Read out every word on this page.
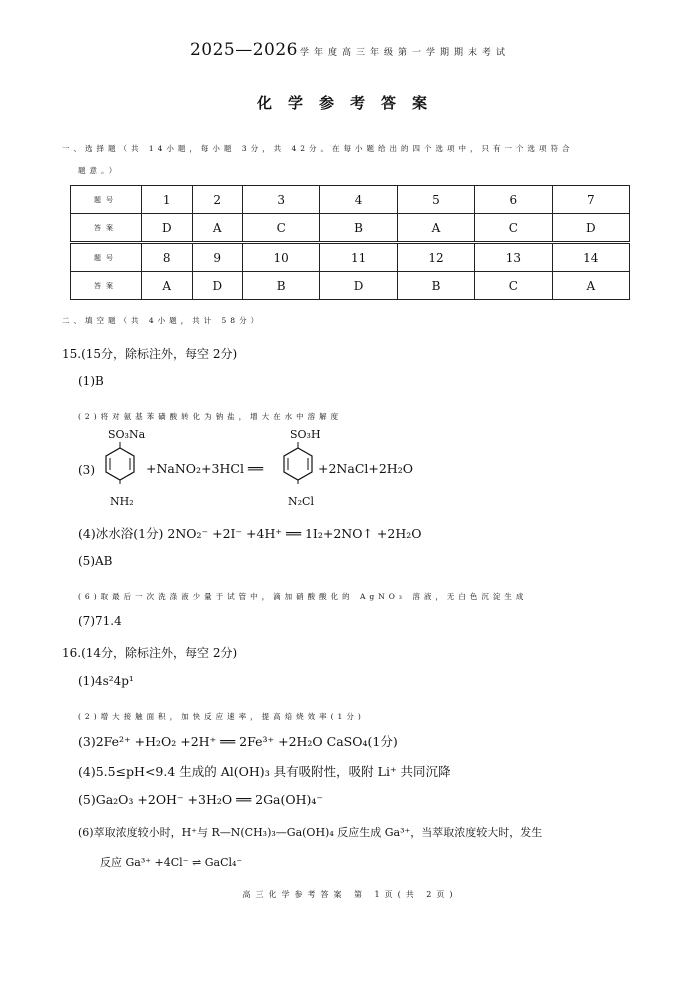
2025—2026 学年度高三年级第一学期期末考试
化学参考答案
一、选择题（共 14小题，每小题 3分，共 42分。在每小题给出的四个选项中，只有一个选项符合
题意。）
题号	1	2	3	4	5	6	7
答案	D	A	C	B	A	C	D
题号	8	9	10	11	12	13	14
答案	A	D	B	D	B	C	A
二、填空题（共 4小题，共计 58分）
15.(15分，除标注外，每空 2分)
(1)B
(2)将对氨基苯磺酸转化为钠盐，增大在水中溶解度
(3)
SO₃Na
NH₂
+NaNO₂+3HCl ══
SO₃H
N₂Cl
+2NaCl+2H₂O
(4)冰水浴(1分) 2NO₂⁻ +2I⁻ +4H⁺ ══ 1I₂+2NO↑ +2H₂O
(5)AB
(6)取最后一次洗涤液少量于试管中，滴加硝酸酸化的 AgNO₃ 溶液，无白色沉淀生成
(7)71.4
16.(14分，除标注外，每空 2分)
(1)4s²4p¹
(2)增大接触面积，加快反应速率，提高焙烧效率(1分)
(3)2Fe²⁺ +H₂O₂ +2H⁺ ══ 2Fe³⁺ +2H₂O CaSO₄(1分)
(4)5.5≤pH<9.4 生成的 Al(OH)₃ 具有吸附性，吸附 Li⁺ 共同沉降
(5)Ga₂O₃ +2OH⁻ +3H₂O ══ 2Ga(OH)₄⁻
(6)萃取浓度较小时，H⁺与 R—N(CH₃)₃—Ga(OH)₄ 反应生成 Ga³⁺，当萃取浓度较大时，发生
反应 Ga³⁺ +4Cl⁻ ⇌ GaCl₄⁻
高三化学参考答案 第 1页(共 2页)
